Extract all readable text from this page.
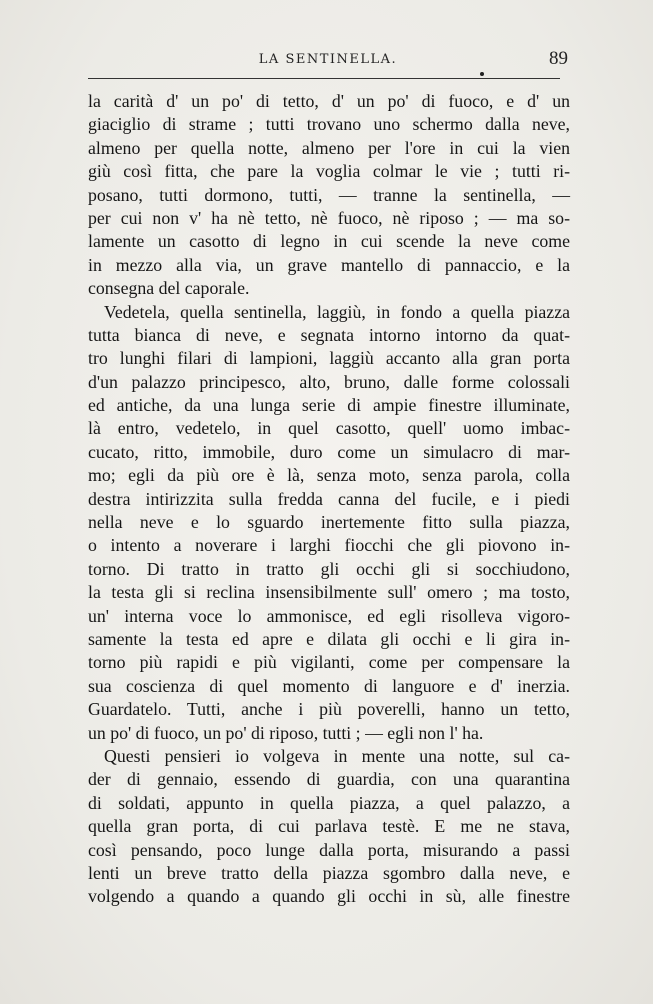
LA SENTINELLA.	89
la carità d' un po' di tetto, d' un po' di fuoco, e d' un
giaciglio di strame ; tutti trovano uno schermo dalla neve,
almeno per quella notte, almeno per l'ore in cui la vien
giù così fitta, che pare la voglia colmar le vie ; tutti ri-
posano, tutti dormono, tutti, — tranne la sentinella, —
per cui non v' ha nè tetto, nè fuoco, nè riposo ; — ma so-
lamente un casotto di legno in cui scende la neve come
in mezzo alla via, un grave mantello di pannaccio, e la
consegna del caporale.
Vedetela, quella sentinella, laggiù, in fondo a quella piazza
tutta bianca di neve, e segnata intorno intorno da quat-
tro lunghi filari di lampioni, laggiù accanto alla gran porta
d'un palazzo principesco, alto, bruno, dalle forme colossali
ed antiche, da una lunga serie di ampie finestre illuminate,
là entro, vedetelo, in quel casotto, quell' uomo imbac-
cucato, ritto, immobile, duro come un simulacro di mar-
mo; egli da più ore è là, senza moto, senza parola, colla
destra intirizzita sulla fredda canna del fucile, e i piedi
nella neve e lo sguardo inertemente fitto sulla piazza,
o intento a noverare i larghi fiocchi che gli piovono in-
torno. Di tratto in tratto gli occhi gli si socchiudono,
la testa gli si reclina insensibilmente sull' omero ; ma tosto,
un' interna voce lo ammonisce, ed egli risolleva vigoro-
samente la testa ed apre e dilata gli occhi e li gira in-
torno più rapidi e più vigilanti, come per compensare la
sua coscienza di quel momento di languore e d' inerzia.
Guardatelo. Tutti, anche i più poverelli, hanno un tetto,
un po' di fuoco, un po' di riposo, tutti ; — egli non l' ha.
Questi pensieri io volgeva in mente una notte, sul ca-
der di gennaio, essendo di guardia, con una quarantina
di soldati, appunto in quella piazza, a quel palazzo, a
quella gran porta, di cui parlava testè. E me ne stava,
così pensando, poco lunge dalla porta, misurando a passi
lenti un breve tratto della piazza sgombro dalla neve, e
volgendo a quando a quando gli occhi in sù, alle finestre
